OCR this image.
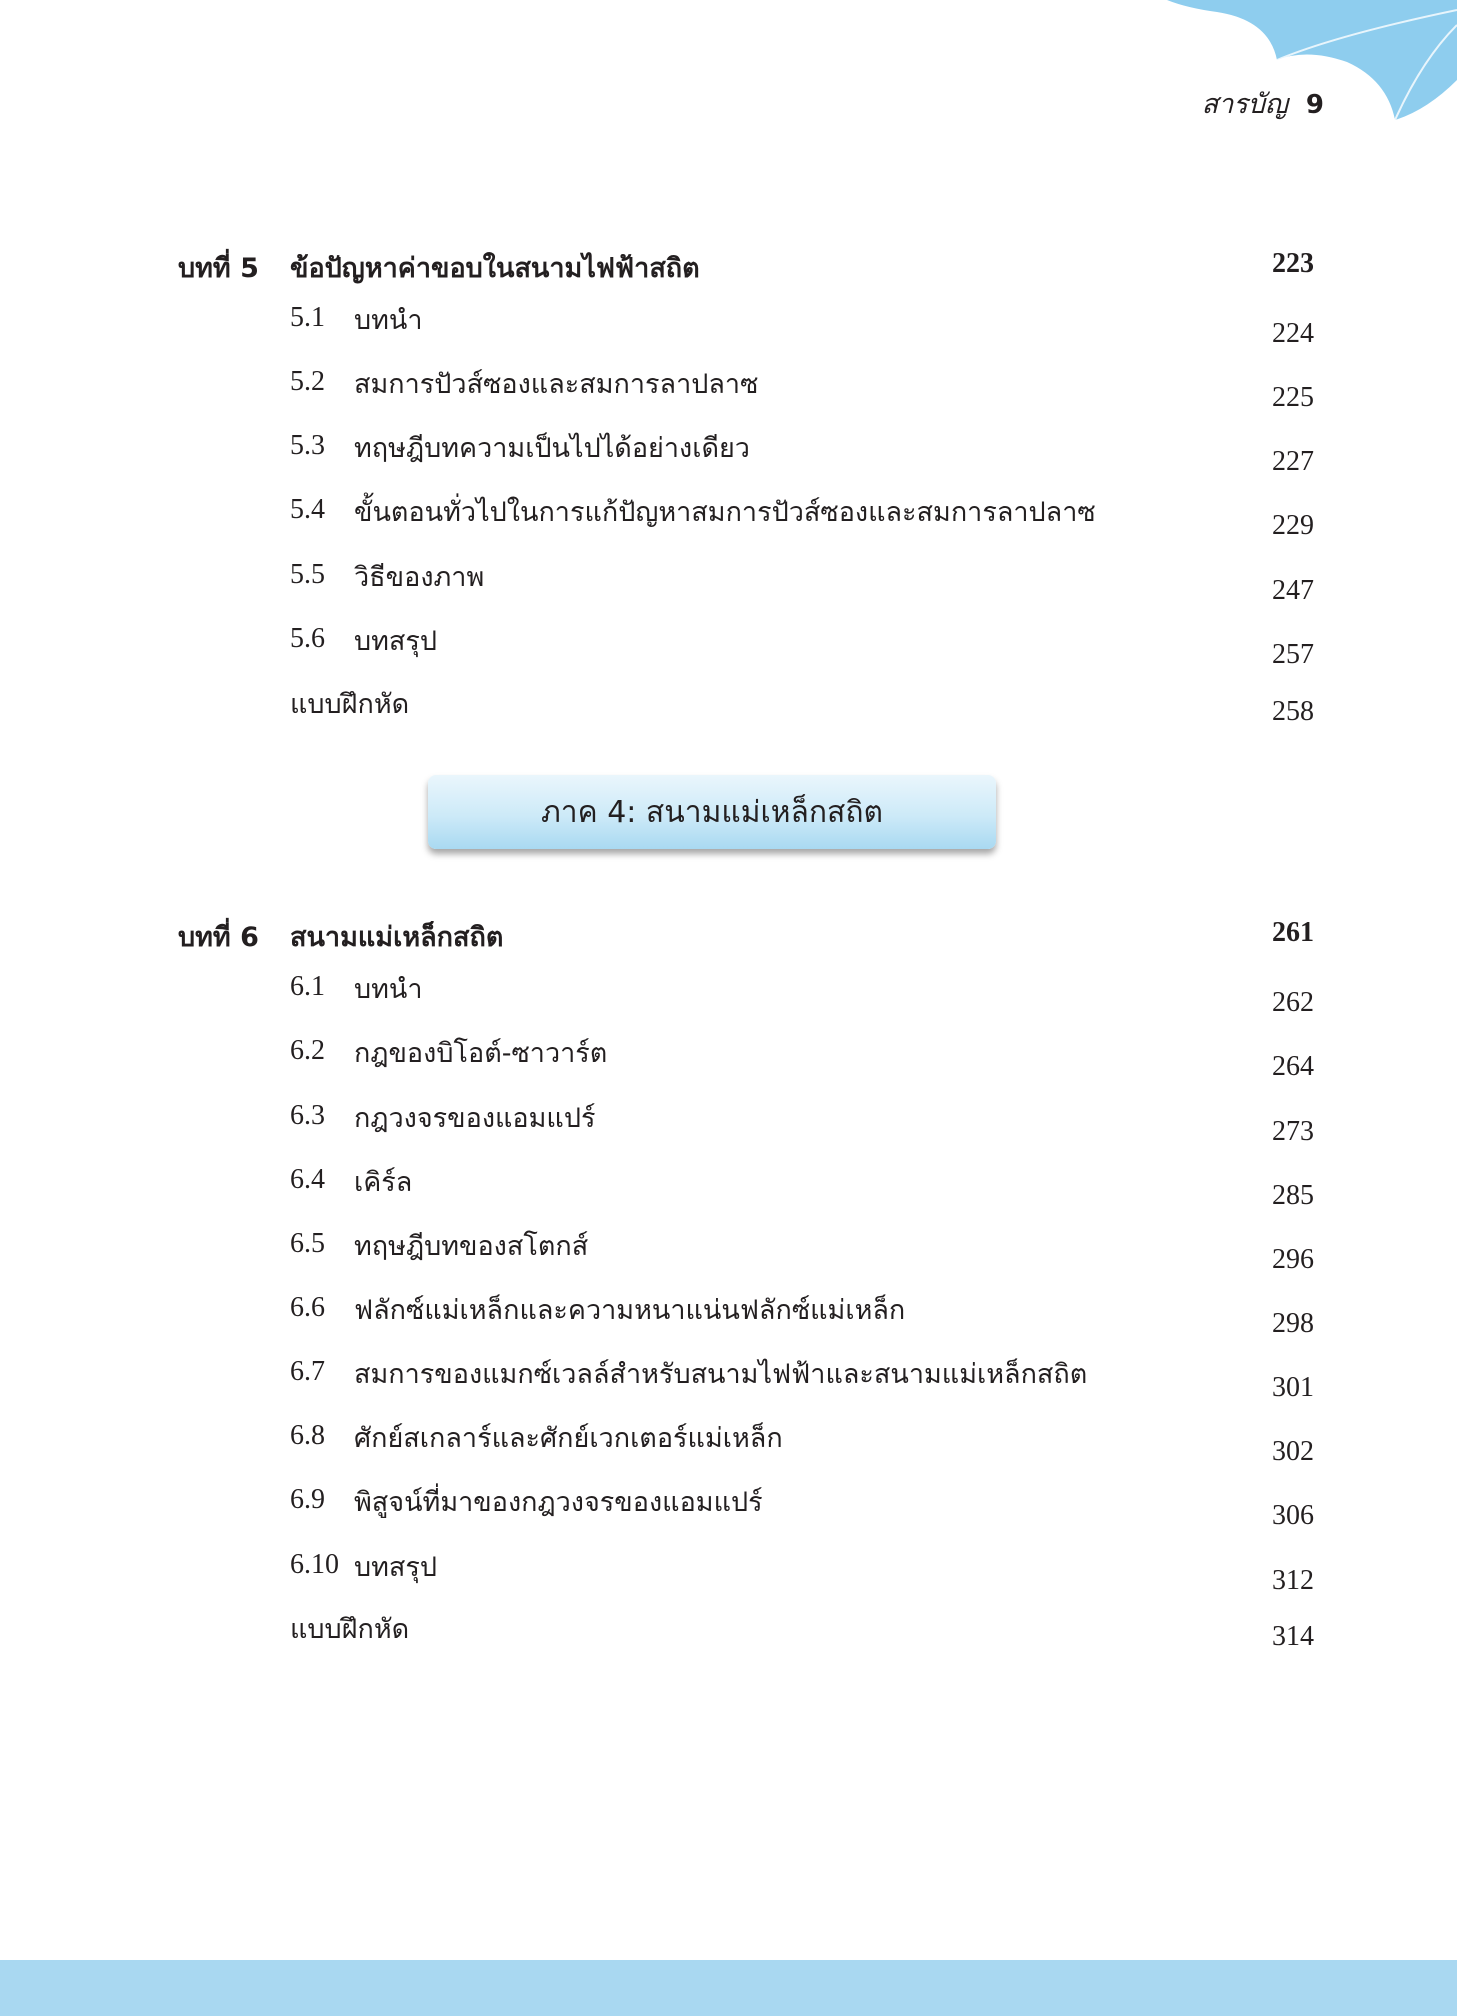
สารบัญ 9
บทที่ 5 ข้อปัญหาค่าขอบในสนามไฟฟ้าสถิต	223
5.1 บทนำ	224
5.2 สมการปัวส์ซองและสมการลาปลาซ	225
5.3 ทฤษฎีบทความเป็นไปได้อย่างเดียว	227
5.4 ขั้นตอนทั่วไปในการแก้ปัญหาสมการปัวส์ซองและสมการลาปลาซ	229
5.5 วิธีของภาพ	247
5.6 บทสรุป	257
แบบฝึกหัด	258
ภาค 4: สนามแม่เหล็กสถิต
บทที่ 6 สนามแม่เหล็กสถิต	261
6.1 บทนำ	262
6.2 กฎของบิโอต์-ซาวาร์ต	264
6.3 กฎวงจรของแอมแปร์	273
6.4 เคิร์ล	285
6.5 ทฤษฎีบทของสโตกส์	296
6.6 ฟลักซ์แม่เหล็กและความหนาแน่นฟลักซ์แม่เหล็ก	298
6.7 สมการของแมกซ์เวลล์สำหรับสนามไฟฟ้าและสนามแม่เหล็กสถิต	301
6.8 ศักย์สเกลาร์และศักย์เวกเตอร์แม่เหล็ก	302
6.9 พิสูจน์ที่มาของกฎวงจรของแอมแปร์	306
6.10 บทสรุป	312
แบบฝึกหัด	314
